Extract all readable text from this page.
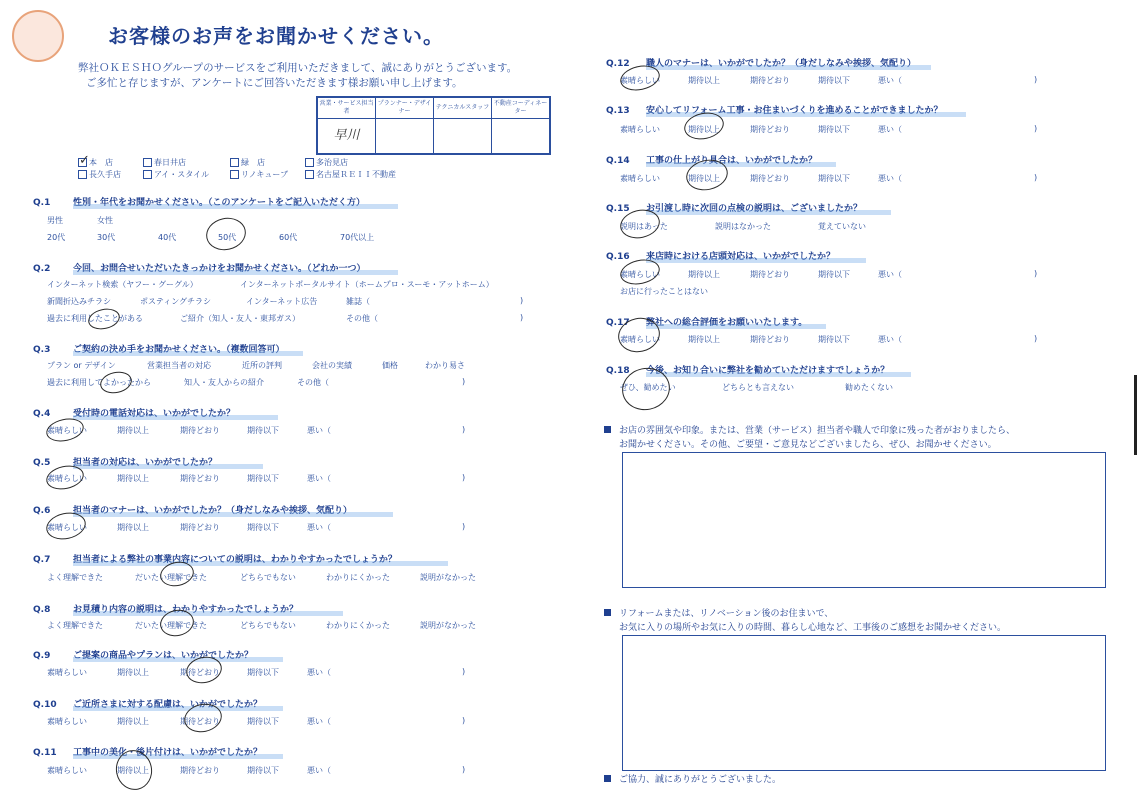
お客様のお声をお聞かせください。
弊社ＯＫＥＳＨＯグループのサービスをご利用いただきまして、誠にありがとうございます。
ご多忙と存じますが、アンケートにご回答いただきます様お願い申し上げます。
営業・サービス担当者	プランナー・デザイナー	テクニカルスタッフ	不動産コーディネーター
早川			
✓ 本　店	春日井店	緑　店	多治見店
長久手店	アイ・スタイル	リノキューブ	名古屋ＲＥＩＩ不動産
Q.1	性別・年代をお聞かせください。（このアンケートをご記入いただく方）
男性	女性
20代	30代	40代	50代	60代	70代以上
Q.2	今回、お問合せいただいたきっかけをお聞かせください。（どれか一つ）
インターネット検索（ヤフー・グーグル）	インターネットポータルサイト（ホームプロ・スーモ・アットホーム）
新聞折込みチラシ	ポスティングチラシ	インターネット広告	雑誌（	)
過去に利用したことがある	ご紹介（知人・友人・東邦ガス）	その他（	)
Q.3	ご契約の決め手をお聞かせください。（複数回答可）
プラン or デザイン	営業担当者の対応	近所の評判	会社の実績	価格	わかり易さ
過去に利用してよかったから	知人・友人からの紹介	その他（	)
Q.4	受付時の電話対応は、いかがでしたか？
素晴らしい	期待以上	期待どおり	期待以下	悪い（	)
Q.5	担当者の対応は、いかがでしたか？
素晴らしい	期待以上	期待どおり	期待以下	悪い（	)
Q.6	担当者のマナーは、いかがでしたか？（身だしなみや挨拶、気配り）
素晴らしい	期待以上	期待どおり	期待以下	悪い（	)
Q.7	担当者による弊社の事業内容についての説明は、わかりやすかったでしょうか？
よく理解できた	だいたい理解できた	どちらでもない	わかりにくかった	説明がなかった
Q.8	お見積り内容の説明は、わかりやすかったでしょうか？
よく理解できた	だいたい理解できた	どちらでもない	わかりにくかった	説明がなかった
Q.9	ご提案の商品やプランは、いかがでしたか？
素晴らしい	期待以上	期待どおり	期待以下	悪い（	)
Q.10 ご近所さまに対する配慮は、いかがでしたか？
素晴らしい	期待以上	期待どおり	期待以下	悪い（	)
Q.11 工事中の美化・後片付けは、いかがでしたか？
素晴らしい	期待以上	期待どおり	期待以下	悪い（	)
Q.12 職人のマナーは、いかがでしたか？（身だしなみや挨拶、気配り）
素晴らしい	期待以上	期待どおり	期待以下	悪い（	)
Q.13 安心してリフォーム工事・お住まいづくりを進めることができましたか？
素晴らしい	期待以上	期待どおり	期待以下	悪い（	)
Q.14 工事の仕上がり具合は、いかがでしたか？
素晴らしい	期待以上	期待どおり	期待以下	悪い（	)
Q.15 お引渡し時に次回の点検の説明は、ございましたか？
説明はあった	説明はなかった	覚えていない
Q.16 来店時における店頭対応は、いかがでしたか？
素晴らしい	期待以上	期待どおり	期待以下	悪い（	)
お店に行ったことはない
Q.17 弊社への総合評価をお願いいたします。
素晴らしい	期待以上	期待どおり	期待以下	悪い（	)
Q.18 今後、お知り合いに弊社を勧めていただけますでしょうか？
ぜひ、勧めたい	どちらとも言えない	勧めたくない
お店の雰囲気や印象。または、営業（サービス）担当者や職人で印象に残った者がおりましたら、
お聞かせください。その他、ご要望・ご意見などございましたら、ぜひ、お聞かせください。
リフォームまたは、リノベーション後のお住まいで、
お気に入りの場所やお気に入りの時間、暮らし心地など、工事後のご感想をお聞かせください。
ご協力、誠にありがとうございました。
